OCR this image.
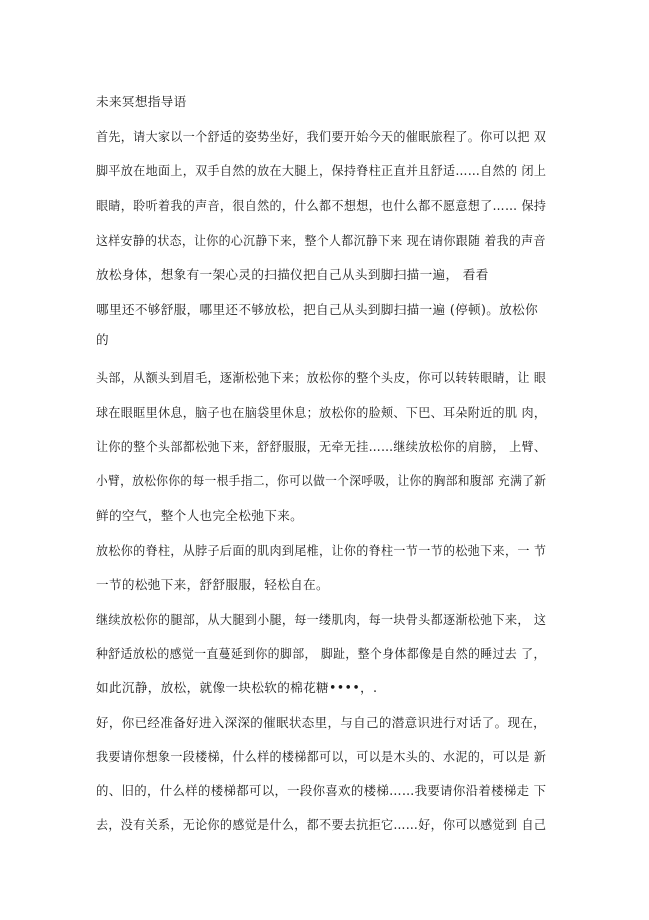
未来冥想指导语
首先，请大家以一个舒适的姿势坐好，我们要开始今天的催眠旅程了。你可以把 双
脚平放在地面上，双手自然的放在大腿上，保持脊柱正直并且舒适……自然的 闭上
眼睛，聆听着我的声音，很自然的，什么都不想想，也什么都不愿意想了…… 保持
这样安静的状态，让你的心沉静下来，整个人都沉静下来 现在请你跟随 着我的声音
放松身体，想象有一架心灵的扫描仪把自己从头到脚扫描一遍， 看看
哪里还不够舒服，哪里还不够放松，把自己从头到脚扫描一遍 (停顿)。放松你
的
头部，从额头到眉毛，逐渐松弛下来；放松你的整个头皮，你可以转转眼睛，让 眼
球在眼眶里休息，脑子也在脑袋里休息；放松你的脸颊、下巴、耳朵附近的肌 肉，
让你的整个头部都松弛下来，舒舒服服，无牵无挂……继续放松你的肩膀， 上臂、
小臂，放松你你的每一根手指二，你可以做一个深呼吸，让你的胸部和腹部 充满了新
鲜的空气，整个人也完全松弛下来。
放松你的脊柱，从脖子后面的肌肉到尾椎，让你的脊柱一节一节的松弛下来，一 节
一节的松弛下来，舒舒服服，轻松自在。
继续放松你的腿部，从大腿到小腿，每一缕肌肉，每一块骨头都逐渐松弛下来， 这
种舒适放松的感觉一直蔓延到你的脚部， 脚趾，整个身体都像是自然的睡过去 了，
如此沉静，放松，就像一块松软的棉花糖••••，.
好，你已经准备好进入深深的催眠状态里，与自己的潜意识进行对话了。现在，
我要请你想象一段楼梯，什么样的楼梯都可以，可以是木头的、水泥的，可以是 新
的、旧的，什么样的楼梯都可以，一段你喜欢的楼梯……我要请你沿着楼梯走 下
去，没有关系，无论你的感觉是什么，都不要去抗拒它……好，你可以感觉到 自己
